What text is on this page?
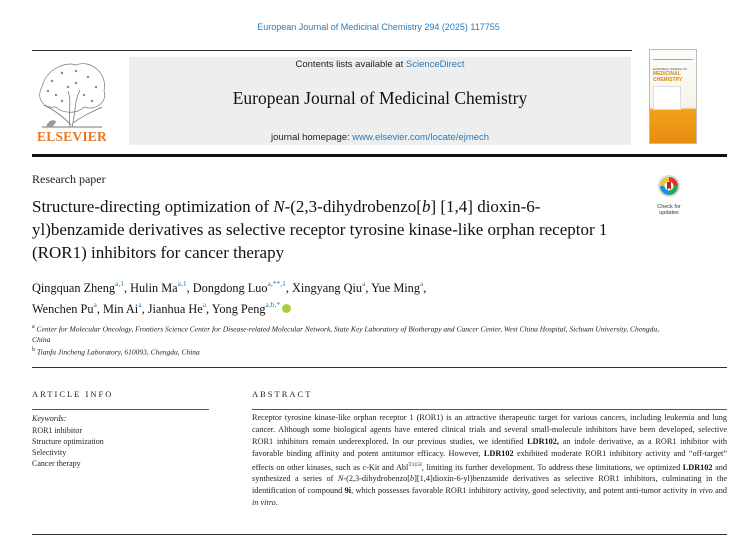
European Journal of Medicinal Chemistry 294 (2025) 117755
ELSEVIER
Contents lists available at ScienceDirect
European Journal of Medicinal Chemistry
journal homepage: www.elsevier.com/locate/ejmech
EUROPEAN JOURNAL OF
MEDICINAL
CHEMISTRY
Research paper
Structure-directing optimization of N-(2,3-dihydrobenzo[b] [1,4] dioxin-6-yl)benzamide derivatives as selective receptor tyrosine kinase-like orphan receptor 1 (ROR1) inhibitors for cancer therapy
Check for
updates
Qingquan Zheng$^{a,1}$, Hulin Ma$^{a,1}$, Dongdong Luo$^{a,**,1}$, Xingyang Qiu$^a$, Yue Ming$^a$,
Wenchen Pu$^a$, Min Ai$^a$, Jianhua He$^a$, Yong Peng$^{a,b,*}$
$^a$ Center for Molecular Oncology, Frontiers Science Center for Disease-related Molecular Network, State Key Laboratory of Biotherapy and Cancer Center, West China Hospital, Sichuan University, Chengdu, China
$^b$ Tianfu Jincheng Laboratory, 610093, Chengdu, China
ARTICLE INFO	ABSTRACT
Keywords:
ROR1 inhibitor
Structure optimization
Selectivity
Cancer therapy
Receptor tyrosine kinase-like orphan receptor 1 (ROR1) is an attractive therapeutic target for various cancers, including leukemia and lung cancer. Although some biological agents have entered clinical trials and several small-molecule inhibitors have been developed, selective ROR1 inhibitors remain underexplored. In our previous studies, we identified LDR102, an indole derivative, as a ROR1 inhibitor with favorable binding affinity and potent antitumor efficacy. However, LDR102 exhibited moderate ROR1 inhibitory activity and “off-target” effects on other kinases, such as c-Kit and Abl$^{T315I}$, limiting its further development. To address these limitations, we optimized LDR102 and synthesized a series of N-(2,3-dihydrobenzo[b][1,4]dioxin-6-yl)benzamide derivatives as selective ROR1 inhibitors, culminating in the identification of compound 9i, which possesses favorable ROR1 inhibitory activity, good selectivity, and potent anti-tumor activity in vivo and in vitro.
